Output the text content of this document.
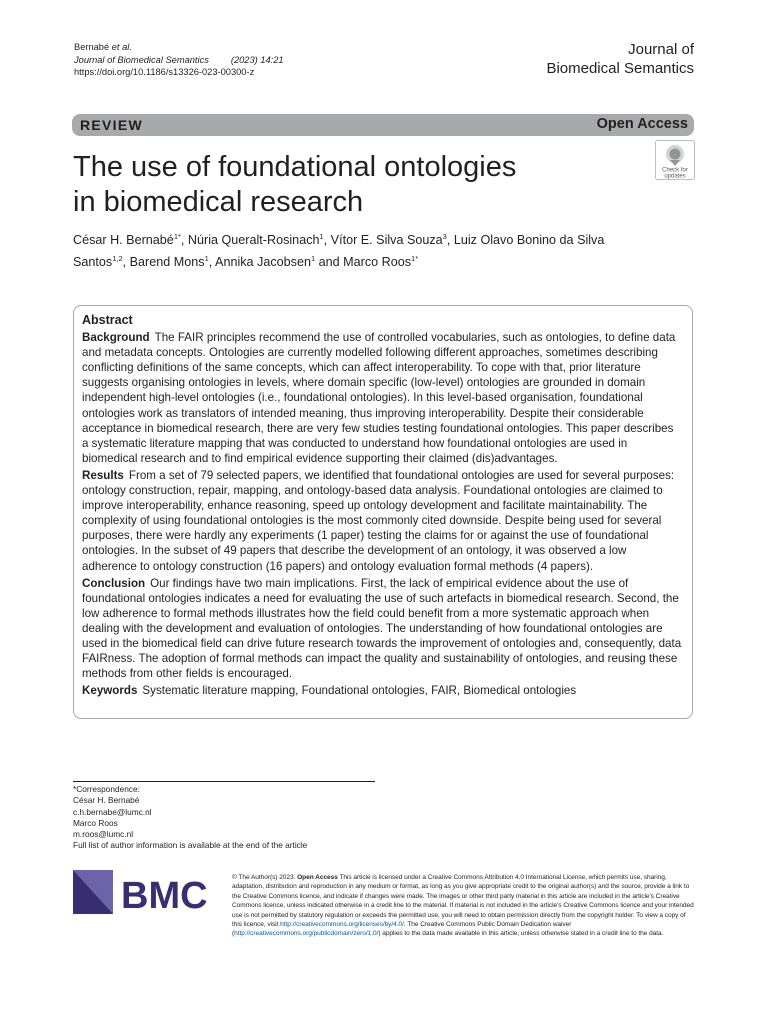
Bernabé et al.
Journal of Biomedical Semantics (2023) 14:21
https://doi.org/10.1186/s13326-023-00300-z
Journal of
Biomedical Semantics
REVIEW	Open Access
The use of foundational ontologies
in biomedical research
Check for
updates
César H. Bernabé$^{1*}$, Núria Queralt-Rosinach$^1$, Vítor E. Silva Souza$^3$, Luiz Olavo Bonino da Silva Santos$^{1,2}$, Barend Mons$^1$, Annika Jacobsen$^1$ and Marco Roos$^{1*}$
Abstract
Background The FAIR principles recommend the use of controlled vocabularies, such as ontologies, to define data and metadata concepts. Ontologies are currently modelled following different approaches, sometimes describing conflicting definitions of the same concepts, which can affect interoperability. To cope with that, prior literature suggests organising ontologies in levels, where domain specific (low-level) ontologies are grounded in domain independent high-level ontologies (i.e., foundational ontologies). In this level-based organisation, foundational ontologies work as translators of intended meaning, thus improving interoperability. Despite their considerable acceptance in biomedical research, there are very few studies testing foundational ontologies. This paper describes a systematic literature mapping that was conducted to understand how foundational ontologies are used in biomedical research and to find empirical evidence supporting their claimed (dis)advantages.
Results From a set of 79 selected papers, we identified that foundational ontologies are used for several purposes: ontology construction, repair, mapping, and ontology-based data analysis. Foundational ontologies are claimed to improve interoperability, enhance reasoning, speed up ontology development and facilitate maintainability. The complexity of using foundational ontologies is the most commonly cited downside. Despite being used for several purposes, there were hardly any experiments (1 paper) testing the claims for or against the use of foundational ontologies. In the subset of 49 papers that describe the development of an ontology, it was observed a low adherence to ontology construction (16 papers) and ontology evaluation formal methods (4 papers).
Conclusion Our findings have two main implications. First, the lack of empirical evidence about the use of foundational ontologies indicates a need for evaluating the use of such artefacts in biomedical research. Second, the low adherence to formal methods illustrates how the field could benefit from a more systematic approach when dealing with the development and evaluation of ontologies. The understanding of how foundational ontologies are used in the biomedical field can drive future research towards the improvement of ontologies and, consequently, data FAIRness. The adoption of formal methods can impact the quality and sustainability of ontologies, and reusing these methods from other fields is encouraged.
Keywords Systematic literature mapping, Foundational ontologies, FAIR, Biomedical ontologies
*Correspondence:
César H. Bernabé
c.h.bernabe@lumc.nl
Marco Roos
m.roos@lumc.nl
Full list of author information is available at the end of the article
BMC	© The Author(s) 2023. Open Access This article is licensed under a Creative Commons Attribution 4.0 International License, which permits use, sharing, adaptation, distribution and reproduction in any medium or format, as long as you give appropriate credit to the original author(s) and the source, provide a link to the Creative Commons licence, and indicate if changes were made. The images or other third party material in this article are included in the article's Creative Commons licence, unless indicated otherwise in a credit line to the material. If material is not included in the article's Creative Commons licence and your intended use is not permitted by statutory regulation or exceeds the permitted use, you will need to obtain permission directly from the copyright holder. To view a copy of this licence, visit http://creativecommons.org/licenses/by/4.0/. The Creative Commons Public Domain Dedication waiver (http://creativecommons.org/publicdomain/zero/1.0/) applies to the data made available in this article, unless otherwise stated in a credit line to the data.
